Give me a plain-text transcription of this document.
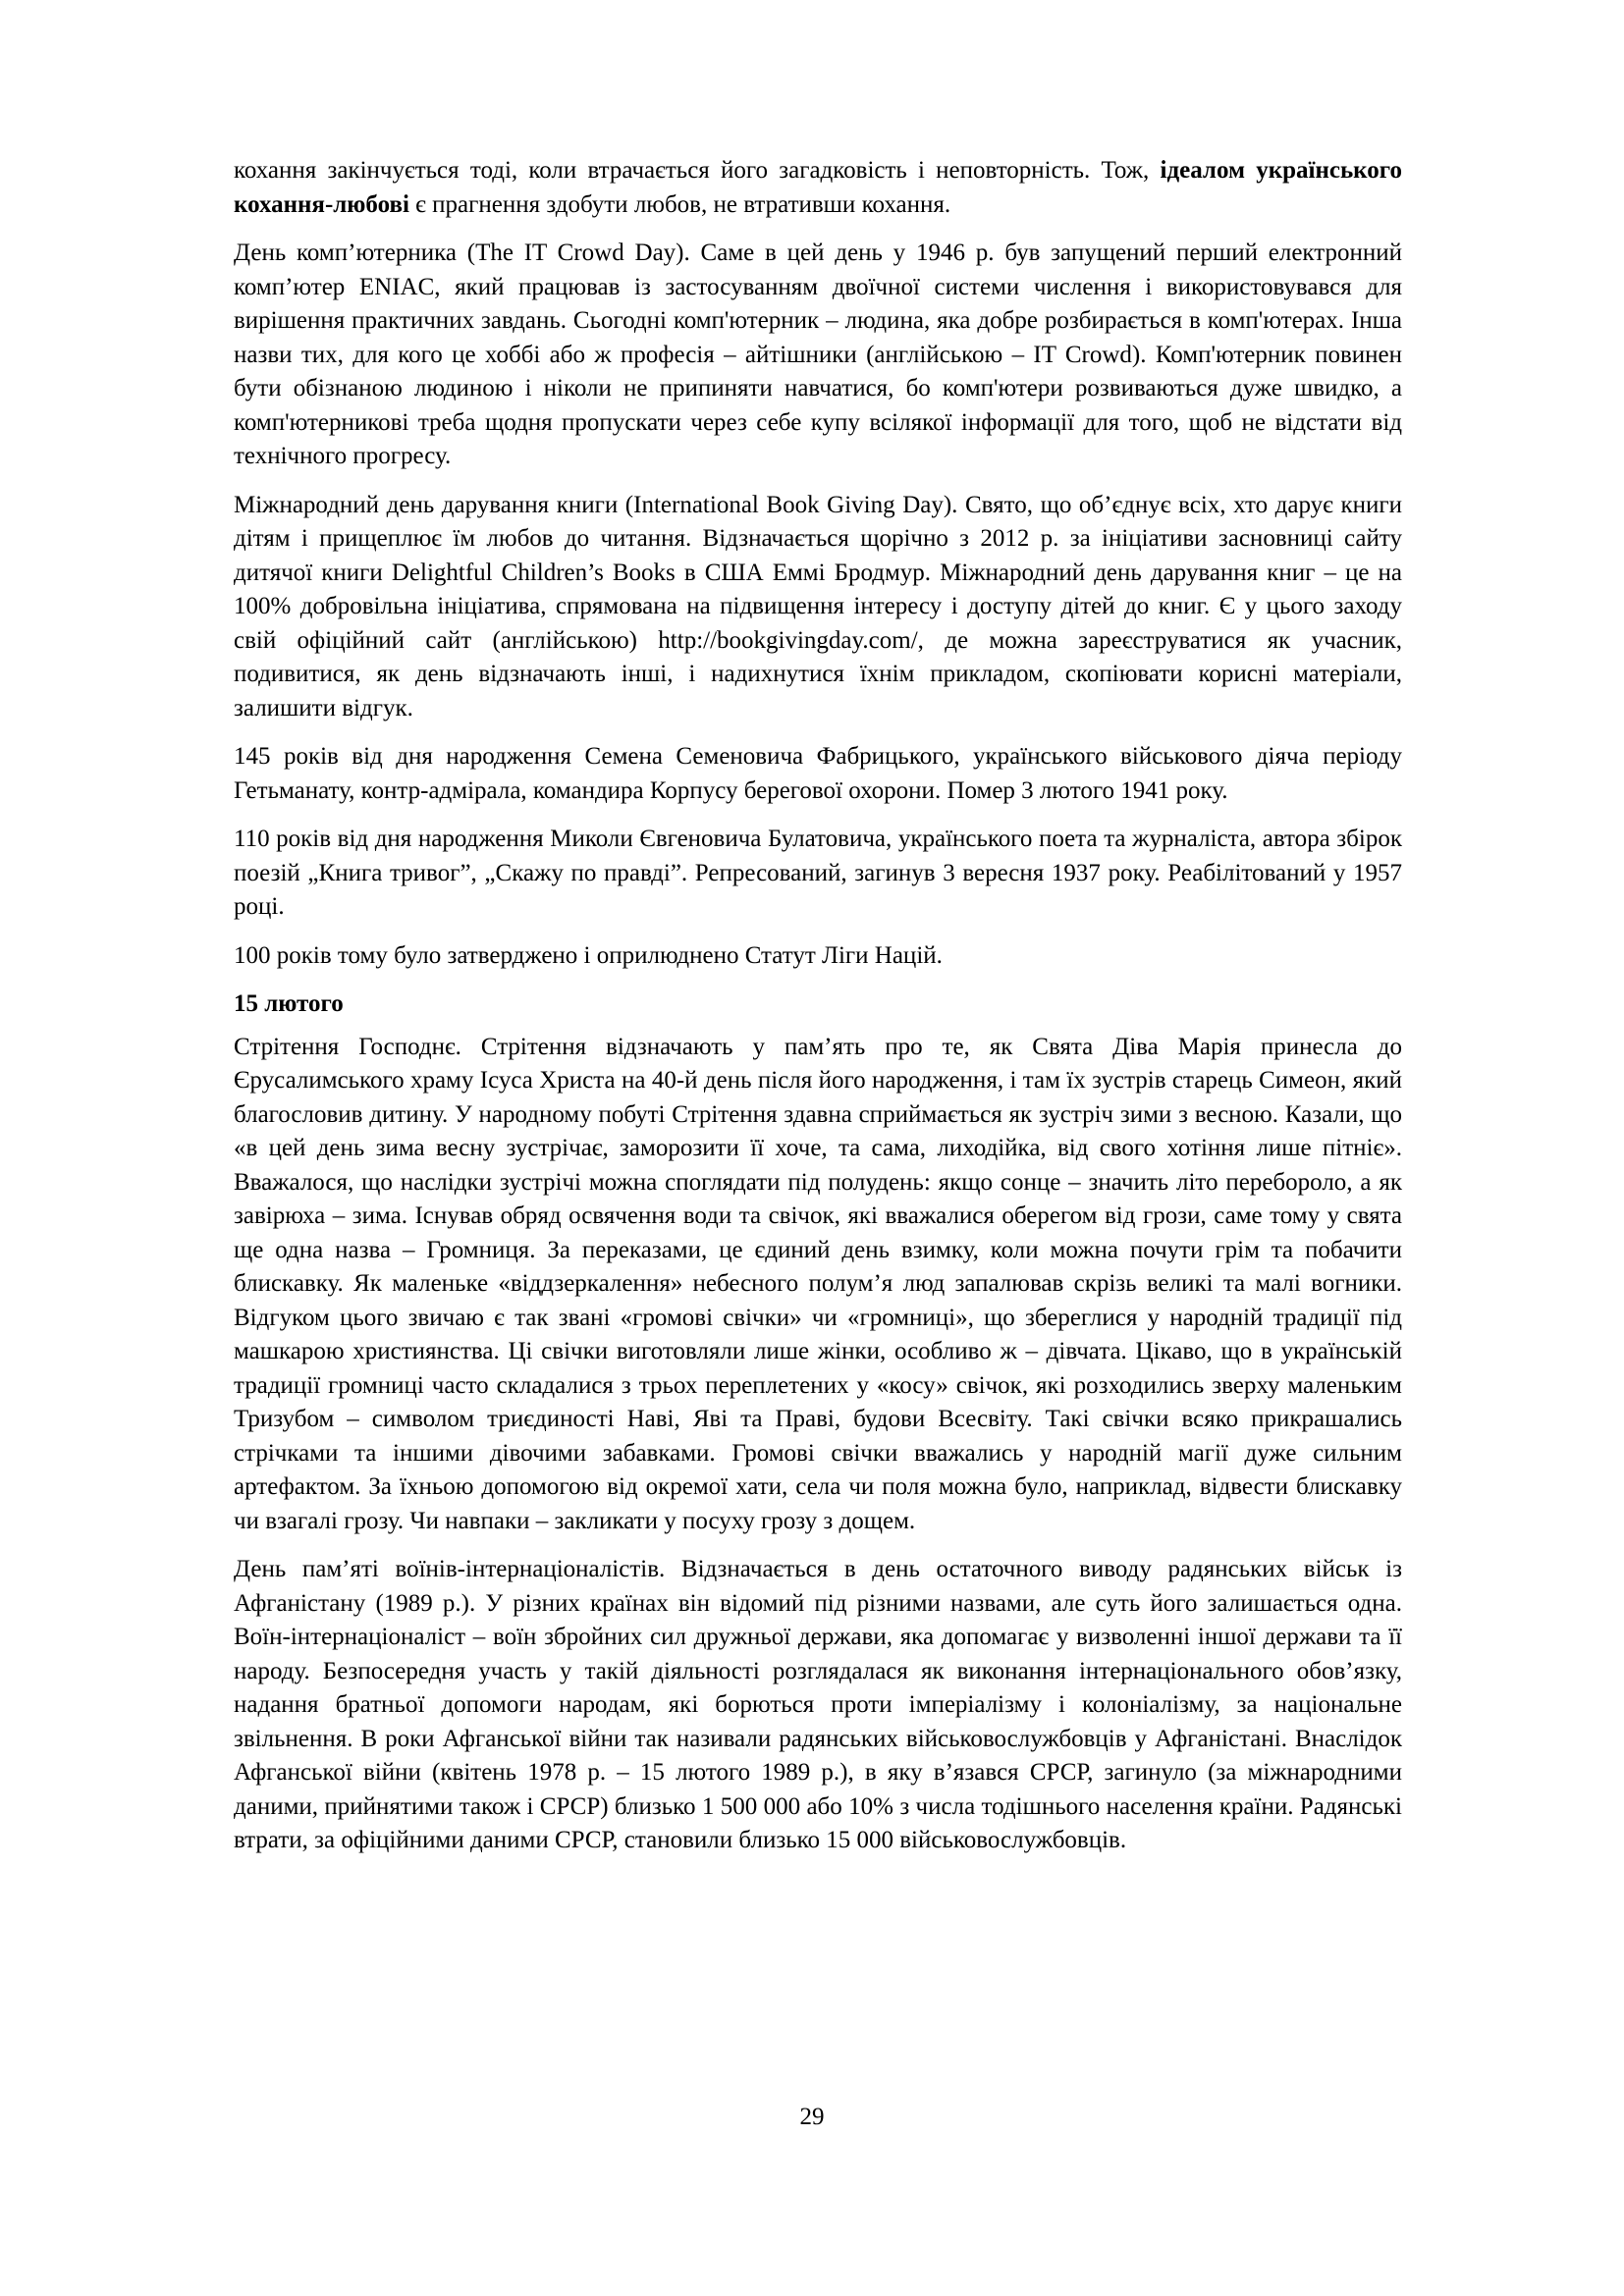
кохання закінчується тоді, коли втрачається його загадковість і неповторність. Тож, ідеалом українського кохання-любові є прагнення здобути любов, не втративши кохання.

День комп’ютерника (The IT Crowd Day). Саме в цей день у 1946 р. був запущений перший електронний комп’ютер ENIAC, який працював із застосуванням двоїчної системи числення і використовувався для вирішення практичних завдань. Сьогодні комп'ютерник – людина, яка добре розбирається в комп'ютерах. Інша назви тих, для кого це хоббі або ж професія – айтішники (англійською – IT Crowd). Комп'ютерник повинен бути обізнаною людиною і ніколи не припиняти навчатися, бо комп'ютери розвиваються дуже швидко, а комп'ютерникові треба щодня пропускати через себе купу всілякої інформації для того, щоб не відстати від технічного прогресу.

Міжнародний день дарування книги (International Book Giving Day). Свято, що об’єднує всіх, хто дарує книги дітям і прищеплює їм любов до читання. Відзначається щорічно з 2012 р. за ініціативи засновниці сайту дитячої книги Delightful Children’s Books в США Еммі Бродмур. Міжнародний день дарування книг – це на 100% добровільна ініціатива, спрямована на підвищення інтересу і доступу дітей до книг. Є у цього заходу свій офіційний сайт (англійською) http://bookgivingday.com/, де можна зареєструватися як учасник, подивитися, як день відзначають інші, і надихнутися їхнім прикладом, скопіювати корисні матеріали, залишити відгук.

145 років від дня народження Семена Семеновича Фабрицького, українського військового діяча періоду Гетьманату, контр-адмірала, командира Корпусу берегової охорони. Помер 3 лютого 1941 року.

110 років від дня народження Миколи Євгеновича Булатовича, українського поета та журналіста, автора збірок поезій „Книга тривог”, „Скажу по правді”. Репресований, загинув 3 вересня 1937 року. Реабілітований у 1957 році.

100 років тому було затверджено і оприлюднено Статут Ліги Націй.

15 лютого

Стрітення Господнє. Стрітення відзначають у пам’ять про те, як Свята Діва Марія принесла до Єрусалимського храму Ісуса Христа на 40-й день після його народження, і там їх зустрів старець Симеон, який благословив дитину. У народному побуті Стрітення здавна сприймається як зустріч зими з весною. Казали, що «в цей день зима весну зустрічає, заморозити її хоче, та сама, лиходійка, від свого хотіння лише пітніє». Вважалося, що наслідки зустрічі можна споглядати під полудень: якщо сонце – значить літо переборолo, а як завірюха – зима. Існував обряд освячення води та свічок, які вважалися оберегом від грози, саме тому у свята ще одна назва – Громниця. За переказами, це єдиний день взимку, коли можна почути грім та побачити блискавку. Як маленьке «віддзеркалення» небесного полум’я люд запалював скрізь великі та малі вогники. Відгуком цього звичаю є так звані «громові свічки» чи «громниці», що збереглися у народній традиції під машкарою християнства. Ці свічки виготовляли лише жінки, особливо ж – дівчата. Цікаво, що в українській традиції громниці часто складалися з трьох переплетених у «косу» свічок, які розходились зверху маленьким Тризубом – символом триєдиності Наві, Яві та Праві, будови Всесвіту. Такі свічки всяко прикрашались стрічками та іншими дівочими забавками. Громові свічки вважались у народній магії дуже сильним артефактом. За їхньою допомогою від окремої хати, села чи поля можна було, наприклад, відвести блискавку чи взагалі грозу. Чи навпаки – закликати у посуху грозу з дощем.

День пам’яті воїнів-інтернаціоналістів. Відзначається в день остаточного виводу радянських військ із Афганістану (1989 р.). У різних країнах він відомий під різними назвами, але суть його залишається одна. Воїн-інтернаціоналіст – воїн збройних сил дружньої держави, яка допомагає у визволенні іншої держави та її народу. Безпосередня участь у такій діяльності розглядалася як виконання інтернаціонального обов’язку, надання братньої допомоги народам, які борються проти імперіалізму і колоніалізму, за національне звільнення. В роки Афганської війни так називали радянських військовослужбовців у Афганістані. Внаслідок Афганської війни (квітень 1978 р. – 15 лютого 1989 р.), в яку в’язався СРСР, загинуло (за міжнародними даними, прийнятими також і СРСР) близько 1 500 000 або 10% з числа тодішнього населення країни. Радянські втрати, за офіційними даними СРСР, становили близько 15 000 військовослужбовців.

29
